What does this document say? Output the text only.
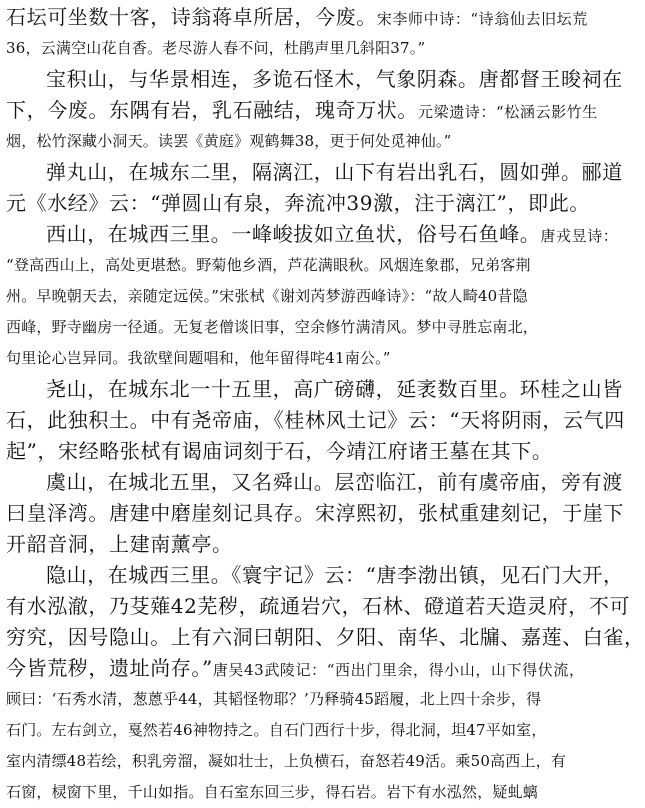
石坛可坐数十客，诗翁蒋卓所居，今废。宋李师中诗：“诗翁仙去旧坛荒
36，云满空山花自香。老尽游人春不问，杜鹃声里几斜阳37。”
宝积山，与华景相连，多诡石怪木，气象阴森。唐都督王晙祠在
下，今废。东隅有岩，乳石融结，瑰奇万状。元梁遗诗：“松涵云影竹生
烟，松竹深藏小洞天。读罢《黄庭》观鹤舞38，更于何处觅神仙。”
弹丸山，在城东二里，隔漓江，山下有岩出乳石，圆如弹。郦道
元《水经》云：“弹圆山有泉，奔流冲39激，注于漓江”，即此。
西山，在城西三里。一峰峻拔如立鱼状，俗号石鱼峰。唐戎昱诗：
“登高西山上，高处更堪愁。野菊他乡酒，芦花满眼秋。风烟连象郡，兄弟客荆
州。早晚朝天去，亲随定远侯。”宋张栻《谢刘芮梦游西峰诗》：“故人畸40昔隐
西峰，野寺幽房一径通。无复老僧谈旧事，空余修竹满清风。梦中寻胜忘南北，
句里论心岂异同。我欲壁间题唱和，他年留得咤41南公。”
尧山，在城东北一十五里，高广磅礴，延袤数百里。环桂之山皆
石，此独积土。中有尧帝庙，《桂林风土记》云：“天将阴雨，云气四
起”，宋经略张栻有谒庙词刻于石，今靖江府诸王墓在其下。
虞山，在城北五里，又名舜山。层峦临江，前有虞帝庙，旁有渡
曰皇泽湾。唐建中磨崖刻记具存。宋淳熙初，张栻重建刻记，于崖下
开韶音洞，上建南薰亭。
隐山，在城西三里。《寰宇记》云：“唐李渤出镇，见石门大开，
有水泓澈，乃芟薙42芜秽，疏通岩穴，石林、磴道若天造灵府，不可
穷究，因号隐山。上有六洞曰朝阳、夕阳、南华、北牖、嘉莲、白雀，
今皆荒秽，遗址尚存。”唐吴43武陵记：“西出门里余，得小山，山下得伏流，
顾曰：‘石秀水清，葱蒽乎44，其韬怪物耶？’乃释骑45蹈履，北上四十余步，得
石门。左右剑立，戛然若46神物持之。自石门西行十步，得北洞，坦47平如室，
室内清缥48若绘，积乳旁溜，凝如壮士，上负横石，奋怒若49活。乘50高西上，有
石窗，棂窗下里，千山如指。自石室东回三步，得石岩。岩下有水泓然，疑虬螭
